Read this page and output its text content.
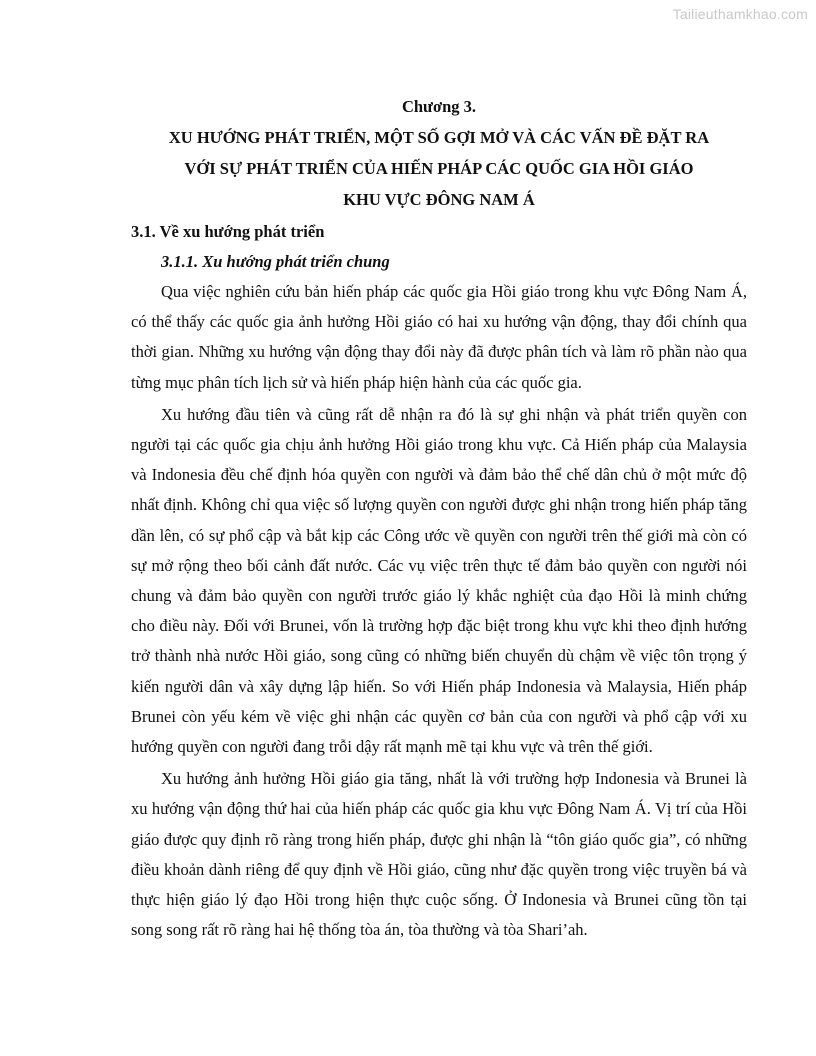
Tailieuthamkhao.com
Chương 3.
XU HƯỚNG PHÁT TRIỂN, MỘT SỐ GỢI MỞ VÀ CÁC VẤN ĐỀ ĐẶT RA
VỚI SỰ PHÁT TRIỂN CỦA HIẾN PHÁP CÁC QUỐC GIA HỒI GIÁO
KHU VỰC ĐÔNG NAM Á
3.1. Về xu hướng phát triển
3.1.1. Xu hướng phát triển chung

Qua việc nghiên cứu bản hiến pháp các quốc gia Hồi giáo trong khu vực Đông Nam Á, có thể thấy các quốc gia ảnh hưởng Hồi giáo có hai xu hướng vận động, thay đổi chính qua thời gian. Những xu hướng vận động thay đổi này đã được phân tích và làm rõ phần nào qua từng mục phân tích lịch sử và hiến pháp hiện hành của các quốc gia.

Xu hướng đầu tiên và cũng rất dễ nhận ra đó là sự ghi nhận và phát triển quyền con người tại các quốc gia chịu ảnh hưởng Hồi giáo trong khu vực. Cả Hiến pháp của Malaysia và Indonesia đều chế định hóa quyền con người và đảm bảo thể chế dân chủ ở một mức độ nhất định. Không chỉ qua việc số lượng quyền con người được ghi nhận trong hiến pháp tăng dần lên, có sự phổ cập và bắt kịp các Công ước về quyền con người trên thế giới mà còn có sự mở rộng theo bối cảnh đất nước. Các vụ việc trên thực tế đảm bảo quyền con người nói chung và đảm bảo quyền con người trước giáo lý khắc nghiệt của đạo Hồi là minh chứng cho điều này. Đối với Brunei, vốn là trường hợp đặc biệt trong khu vực khi theo định hướng trở thành nhà nước Hồi giáo, song cũng có những biến chuyển dù chậm về việc tôn trọng ý kiến người dân và xây dựng lập hiến. So với Hiến pháp Indonesia và Malaysia, Hiến pháp Brunei còn yếu kém về việc ghi nhận các quyền cơ bản của con người và phổ cập với xu hướng quyền con người đang trỗi dậy rất mạnh mẽ tại khu vực và trên thế giới.

Xu hướng ảnh hưởng Hồi giáo gia tăng, nhất là với trường hợp Indonesia và Brunei là xu hướng vận động thứ hai của hiến pháp các quốc gia khu vực Đông Nam Á. Vị trí của Hồi giáo được quy định rõ ràng trong hiến pháp, được ghi nhận là “tôn giáo quốc gia”, có những điều khoản dành riêng để quy định về Hồi giáo, cũng như đặc quyền trong việc truyền bá và thực hiện giáo lý đạo Hồi trong hiện thực cuộc sống. Ở Indonesia và Brunei cũng tồn tại song song rất rõ ràng hai hệ thống tòa án, tòa thường và tòa Shari’ah.
